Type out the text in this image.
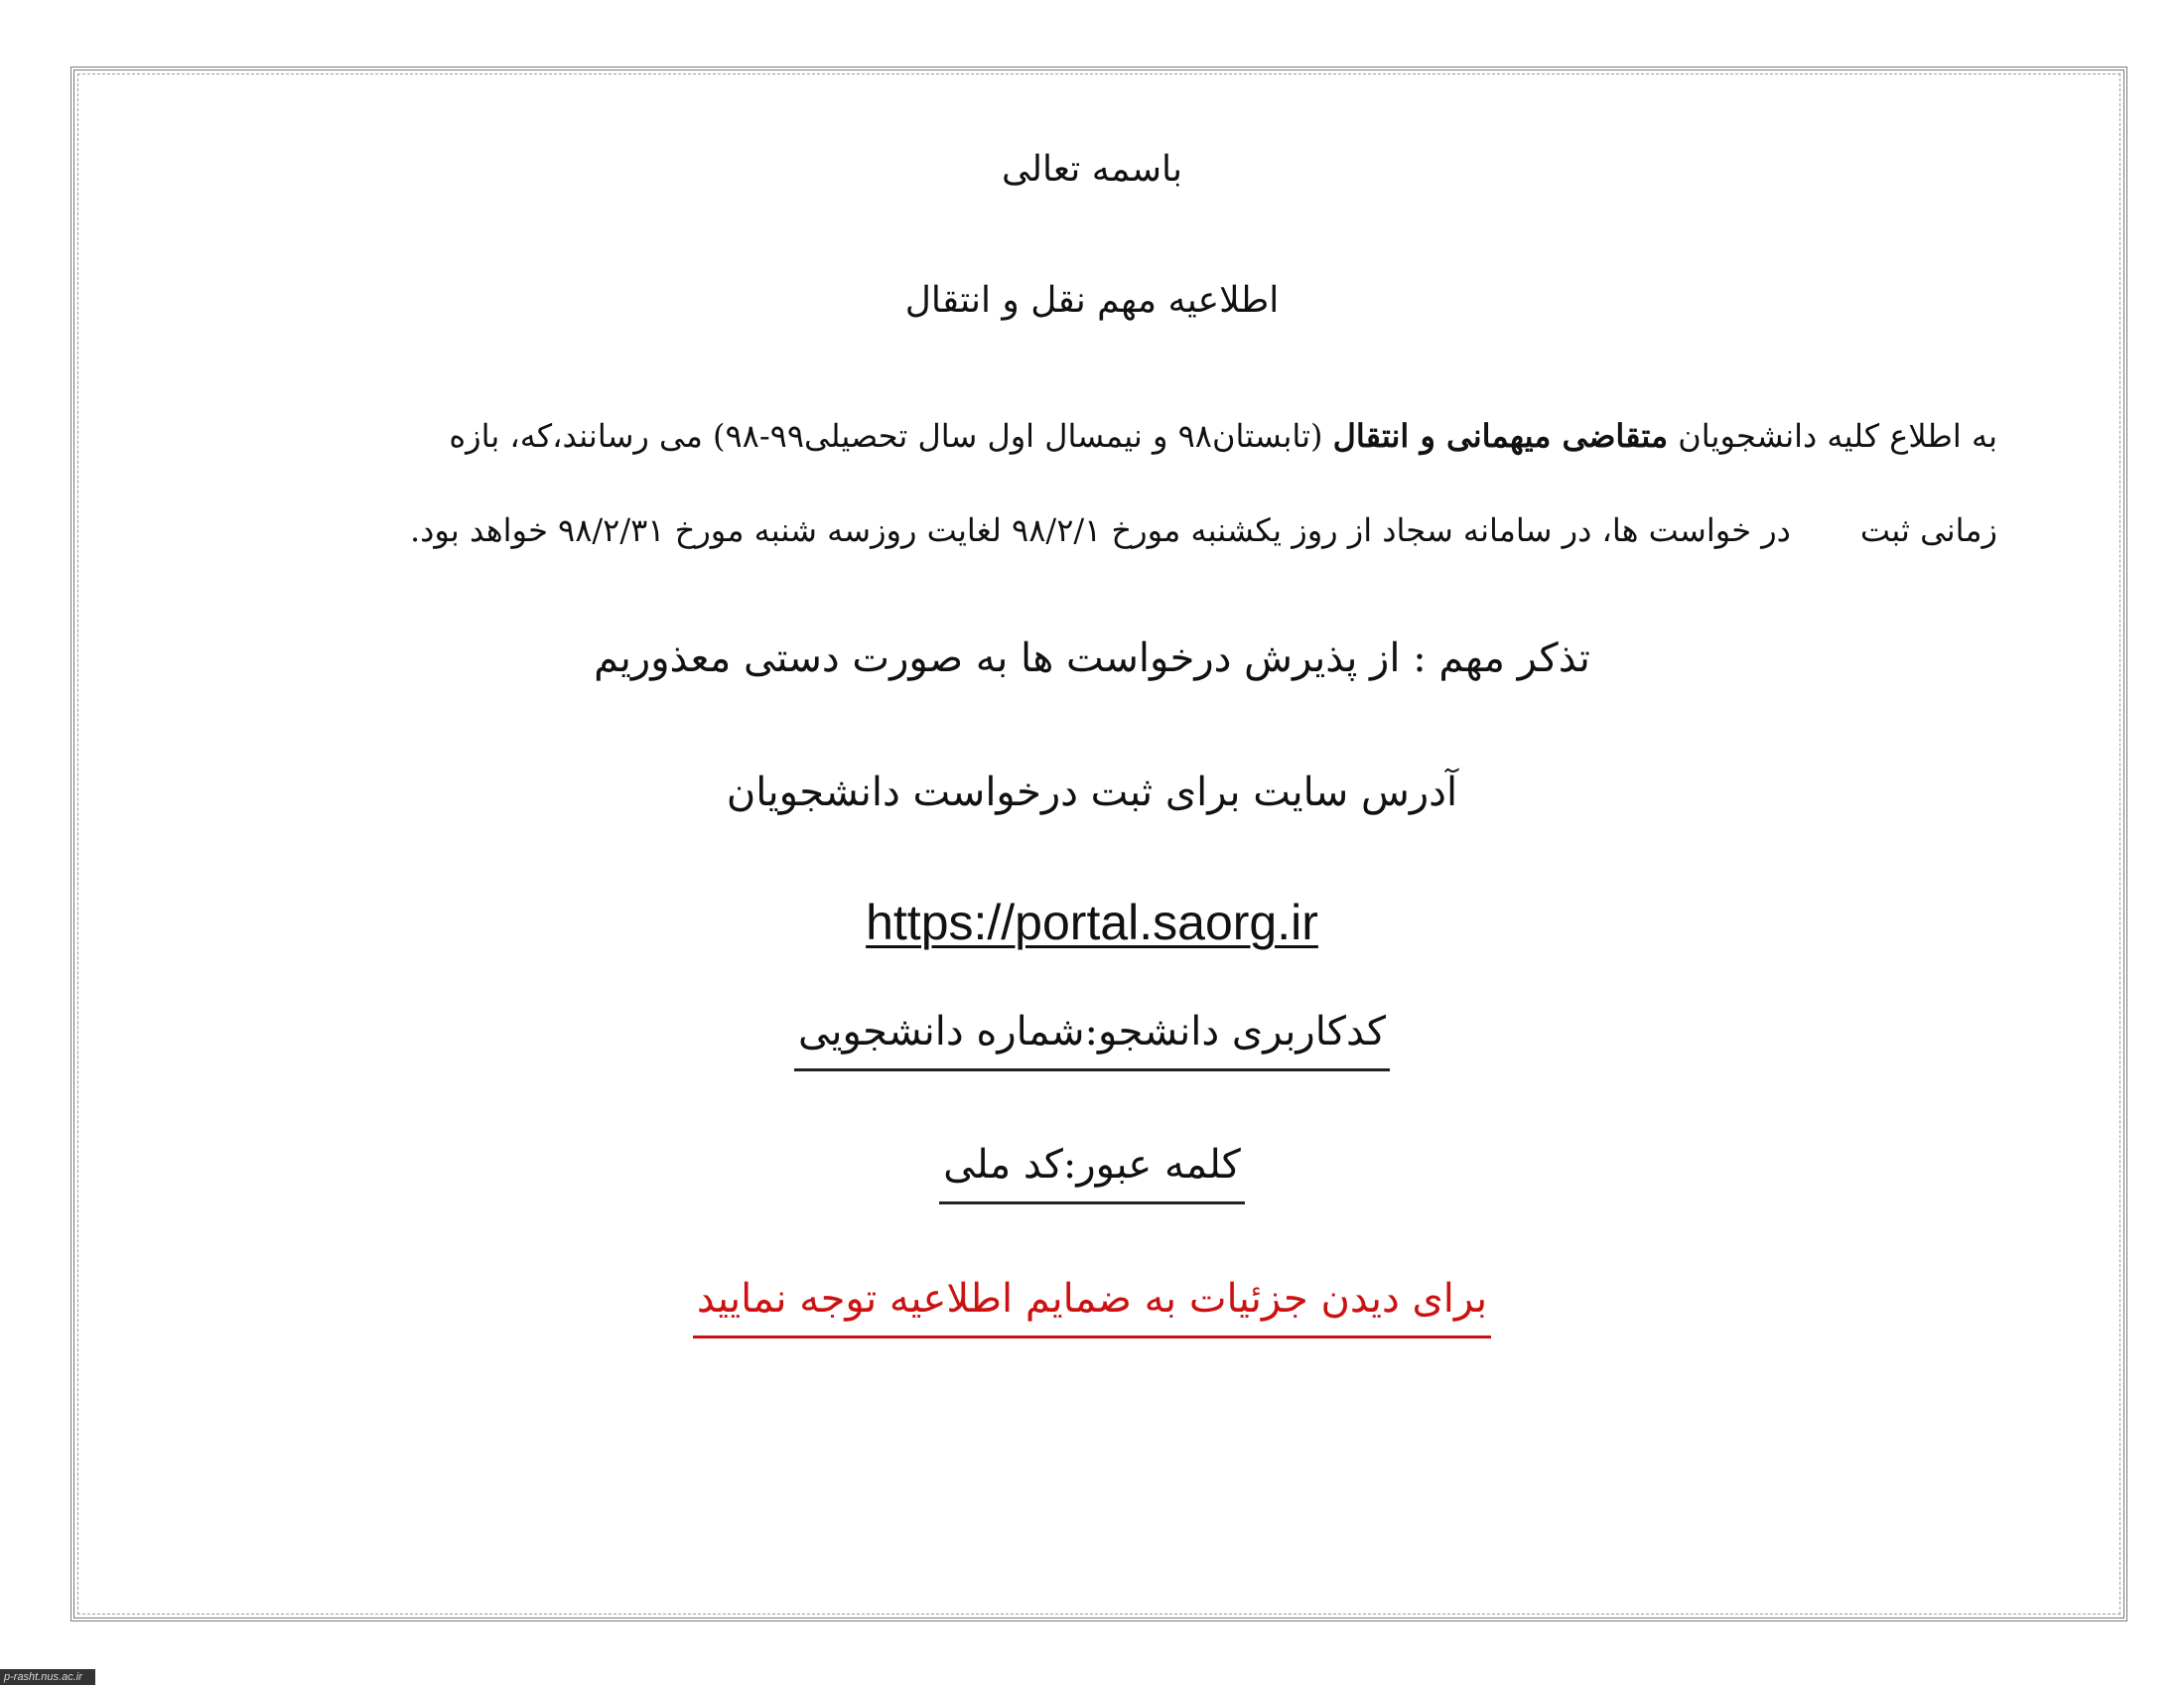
باسمه تعالی
اطلاعیه مهم نقل و انتقال
به اطلاع کلیه دانشجویان متقاضی میهمانی و انتقال (تابستان۹۸ و نیمسال اول سال تحصیلی۹۹-۹۸) می رسانند،که، بازه
زمانی ثبتدر خواست ها، در سامانه سجاد از روز یکشنبه مورخ ۹۸/۲/۱ لغایت روزسه شنبه مورخ ۹۸/۲/۳۱ خواهد بود.
تذکر مهم : از پذیرش درخواست ها به صورت دستی معذوریم
آدرس سایت برای ثبت درخواست دانشجویان
https://portal.saorg.ir
کدکاربری دانشجو:شماره دانشجویی
کلمه عبور:کد ملی
برای دیدن جزئیات به ضمایم اطلاعیه توجه نمایید
p-rasht.nus.ac.ir
